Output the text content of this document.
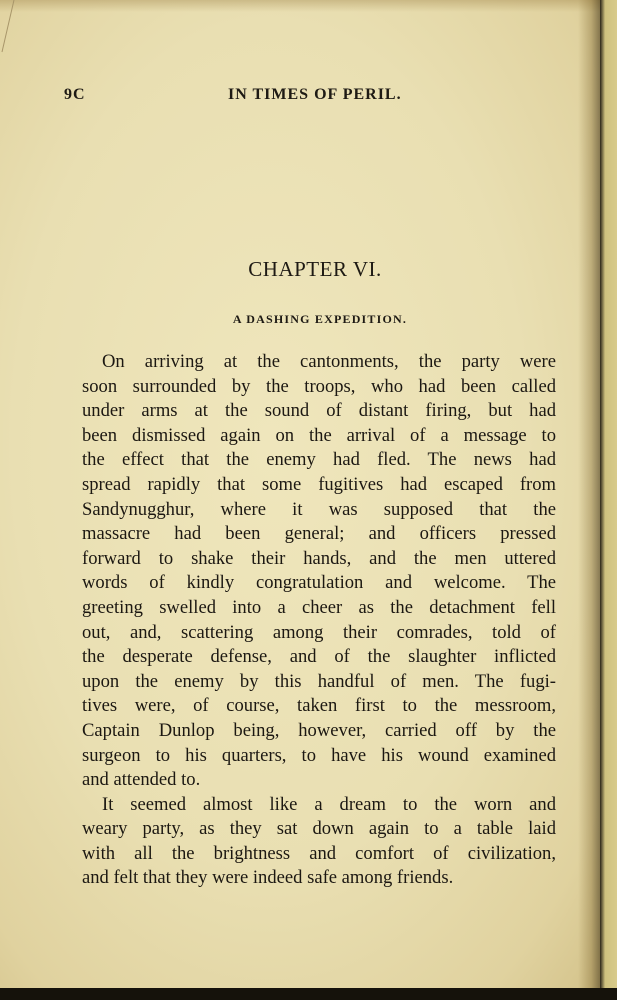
9C	IN TIMES OF PERIL.
CHAPTER VI.
A DASHING EXPEDITION.
On arriving at the cantonments, the party were
soon surrounded by the troops, who had been called
under arms at the sound of distant firing, but had
been dismissed again on the arrival of a message to
the effect that the enemy had fled. The news had
spread rapidly that some fugitives had escaped from
Sandynugghur, where it was supposed that the
massacre had been general; and officers pressed
forward to shake their hands, and the men uttered
words of kindly congratulation and welcome. The
greeting swelled into a cheer as the detachment fell
out, and, scattering among their comrades, told of
the desperate defense, and of the slaughter inflicted
upon the enemy by this handful of men. The fugi-
tives were, of course, taken first to the messroom,
Captain Dunlop being, however, carried off by the
surgeon to his quarters, to have his wound examined
and attended to.
It seemed almost like a dream to the worn and
weary party, as they sat down again to a table laid
with all the brightness and comfort of civilization,
and felt that they were indeed safe among friends.
